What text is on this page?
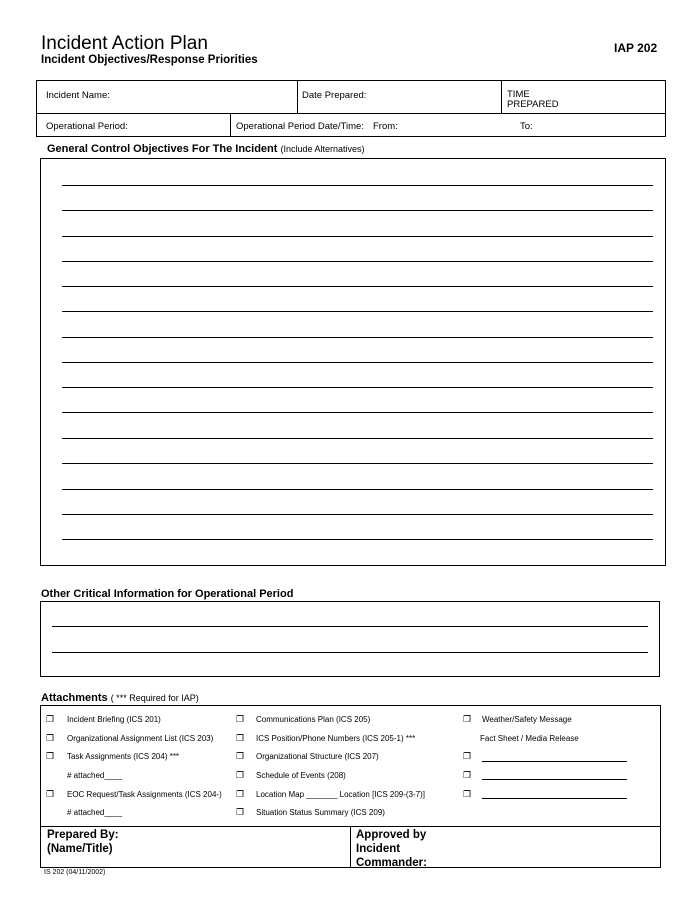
Incident Action Plan
Incident Objectives/Response Priorities
IAP 202
Incident Name:	Date Prepared:	TIME
PREPARED
Operational Period:	Operational Period Date/Time: From:	To:
General Control Objectives For The Incident (Include Alternatives)
Other Critical Information for Operational Period
Attachments ( *** Required for IAP)
❐ Incident Briefing (ICS 201)
❐ Organizational Assignment List (ICS 203)
❐ Task Assignments (ICS 204) ***
# attached____
❐ EOC Request/Task Assignments (ICS 204-)
# attached____
❐ Communications Plan (ICS 205)
❐ ICS Position/Phone Numbers (ICS 205-1) ***
❐ Organizational Structure (ICS 207)
❐ Schedule of Events (208)
❐ Location Map _______ Location [ICS 209-(3-7)]
❐ Situation Status Summary (ICS 209)
❐ Weather/Safety Message
Fact Sheet / Media Release
❐
❐
❐
Prepared By:
(Name/Title)
Approved by
Incident
Commander:
IS 202 (04/11/2002)
